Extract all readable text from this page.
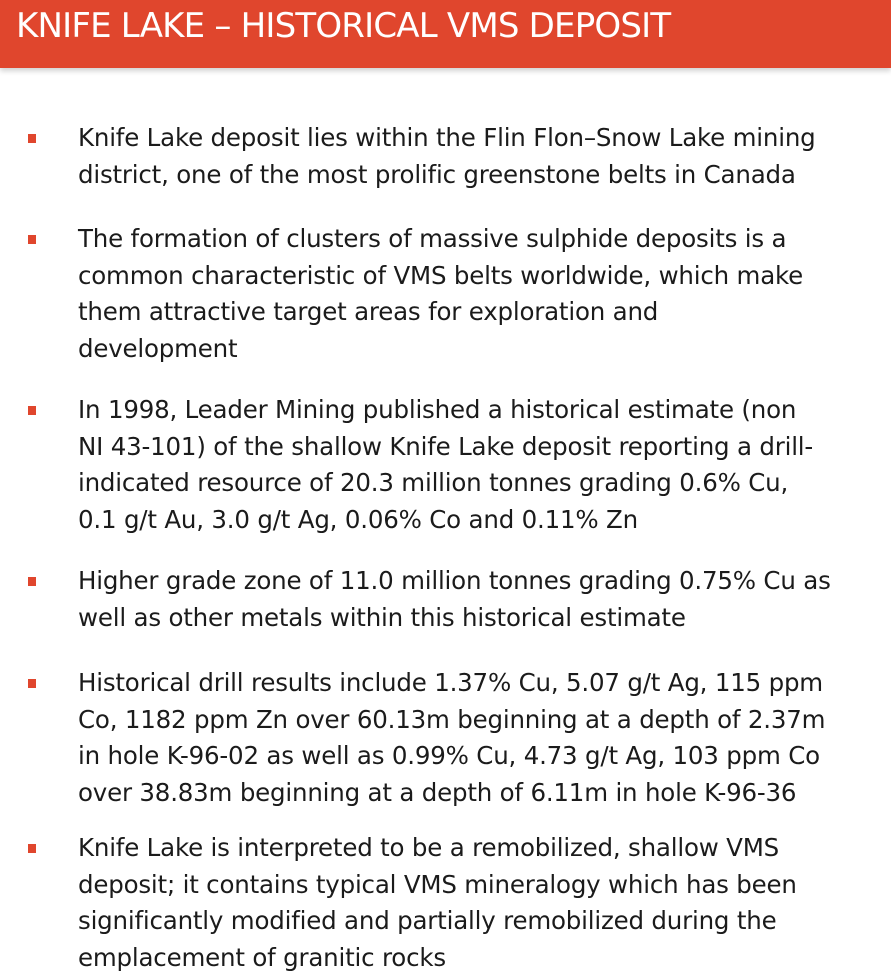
KNIFE LAKE – HISTORICAL VMS DEPOSIT
Knife Lake deposit lies within the Flin Flon–Snow Lake mining
district, one of the most prolific greenstone belts in Canada
The formation of clusters of massive sulphide deposits is a
common characteristic of VMS belts worldwide, which make
them attractive target areas for exploration and
development
In 1998, Leader Mining published a historical estimate (non
NI 43-101) of the shallow Knife Lake deposit reporting a drill-
indicated resource of 20.3 million tonnes grading 0.6% Cu,
0.1 g/t Au, 3.0 g/t Ag, 0.06% Co and 0.11% Zn
Higher grade zone of 11.0 million tonnes grading 0.75% Cu as
well as other metals within this historical estimate
Historical drill results include 1.37% Cu, 5.07 g/t Ag, 115 ppm
Co, 1182 ppm Zn over 60.13m beginning at a depth of 2.37m
in hole K-96-02 as well as 0.99% Cu, 4.73 g/t Ag, 103 ppm Co
over 38.83m beginning at a depth of 6.11m in hole K-96-36
Knife Lake is interpreted to be a remobilized, shallow VMS
deposit; it contains typical VMS mineralogy which has been
significantly modified and partially remobilized during the
emplacement of granitic rocks
